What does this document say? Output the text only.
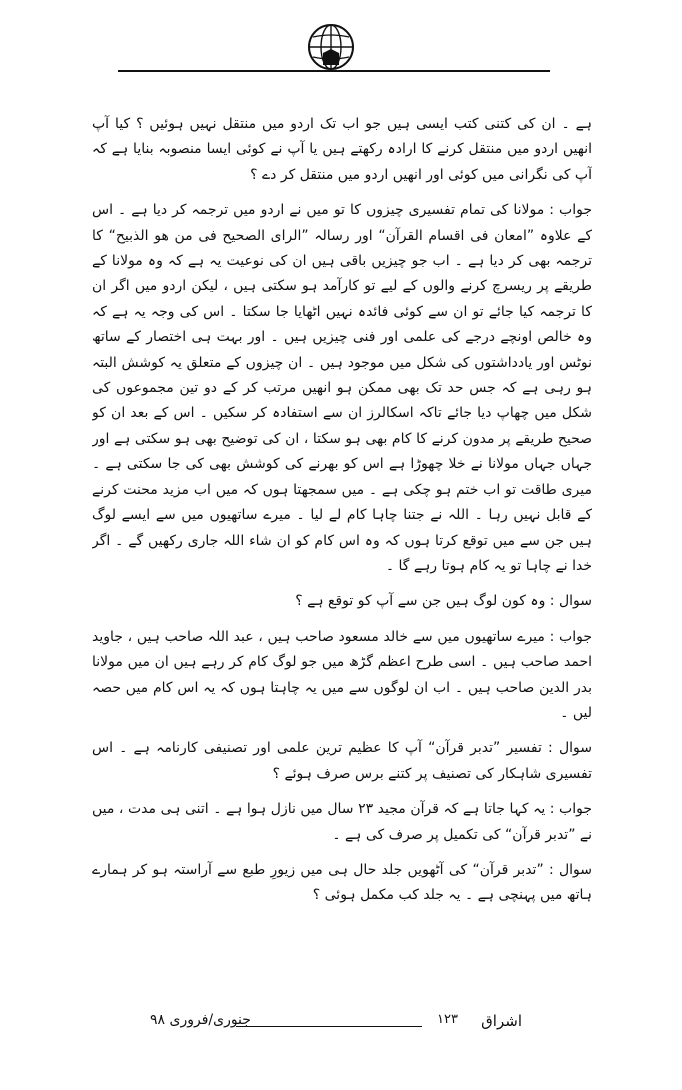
ہے ۔ ان کی کتنی کتب ایسی ہیں جو اب تک اردو میں منتقل نہیں ہوئیں ؟ کیا آپ انھیں اردو میں منتقل کرنے کا ارادہ رکھتے ہیں یا آپ نے کوئی ایسا منصوبہ بنایا ہے کہ آپ کی نگرانی میں کوئی اور انھیں اردو میں منتقل کر دے ؟

جواب : مولانا کی تمام تفسیری چیزوں کا تو میں نے اردو میں ترجمہ کر دیا ہے ۔ اس کے علاوہ ”امعان فی اقسام القرآن“ اور رسالہ ”الرای الصحیح فی من ھو الذبیح“ کا ترجمہ بھی کر دیا ہے ۔ اب جو چیزیں باقی ہیں ان کی نوعیت یہ ہے کہ وہ مولانا کے طریقے پر ریسرچ کرنے والوں کے لیے تو کارآمد ہو سکتی ہیں ، لیکن اردو میں اگر ان کا ترجمہ کیا جائے تو ان سے کوئی فائدہ نہیں اٹھایا جا سکتا ۔ اس کی وجہ یہ ہے کہ وہ خالص اونچے درجے کی علمی اور فنی چیزیں ہیں ۔ اور بہت ہی اختصار کے ساتھ نوٹس اور یادداشتوں کی شکل میں موجود ہیں ۔ ان چیزوں کے متعلق یہ کوشش البتہ ہو رہی ہے کہ جس حد تک بھی ممکن ہو انھیں مرتب کر کے دو تین مجموعوں کی شکل میں چھاپ دیا جائے تاکہ اسکالرز ان سے استفادہ کر سکیں ۔ اس کے بعد ان کو صحیح طریقے پر مدون کرنے کا کام بھی ہو سکتا ، ان کی توضیح بھی ہو سکتی ہے اور جہاں جہاں مولانا نے خلا چھوڑا ہے اس کو بھرنے کی کوشش بھی کی جا سکتی ہے ۔ میری طاقت تو اب ختم ہو چکی ہے ۔ میں سمجھتا ہوں کہ میں اب مزید محنت کرنے کے قابل نہیں رہا ۔ اللہ نے جتنا چاہا کام لے لیا ۔ میرے ساتھیوں میں سے ایسے لوگ ہیں جن سے میں توقع کرتا ہوں کہ وہ اس کام کو ان شاء اللہ جاری رکھیں گے ۔ اگر خدا نے چاہا تو یہ کام ہوتا رہے گا ۔

سوال : وہ کون لوگ ہیں جن سے آپ کو توقع ہے ؟

جواب : میرے ساتھیوں میں سے خالد مسعود صاحب ہیں ، عبد اللہ صاحب ہیں ، جاوید احمد صاحب ہیں ۔ اسی طرح اعظم گڑھ میں جو لوگ کام کر رہے ہیں ان میں مولانا بدر الدین صاحب ہیں ۔ اب ان لوگوں سے میں یہ چاہتا ہوں کہ یہ اس کام میں حصہ لیں ۔

سوال : تفسیر ”تدبر قرآن“ آپ کا عظیم ترین علمی اور تصنیفی کارنامہ ہے ۔ اس تفسیری شاہکار کی تصنیف پر کتنے برس صرف ہوئے ؟

جواب : یہ کہا جاتا ہے کہ قرآن مجید ۲۳ سال میں نازل ہوا ہے ۔ اتنی ہی مدت ، میں نے ”تدبر قرآن“ کی تکمیل پر صرف کی ہے ۔

سوال : ”تدبر قرآن“ کی آٹھویں جلد حال ہی میں زیورِ طبع سے آراستہ ہو کر ہمارے ہاتھ میں پہنچی ہے ۔ یہ جلد کب مکمل ہوئی ؟

اشراق
۱۲۳
جنوری/فروری ۹۸
